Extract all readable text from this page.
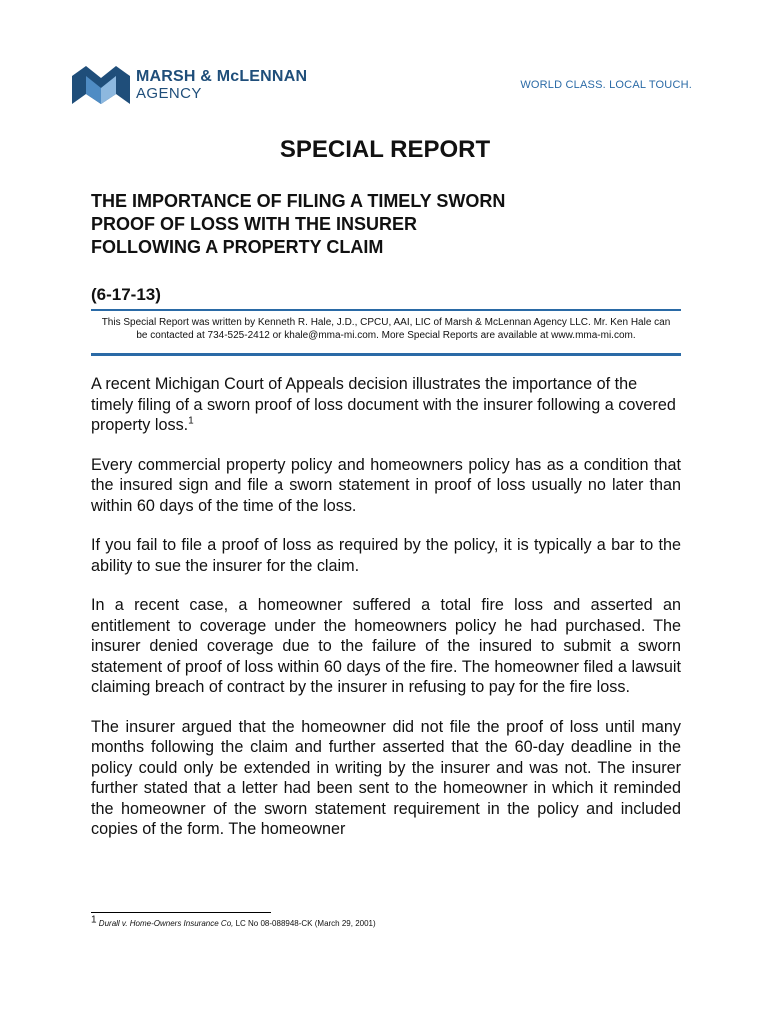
MARSH & McLENNAN
AGENCY	WORLD CLASS. LOCAL TOUCH.
SPECIAL REPORT
THE IMPORTANCE OF FILING A TIMELY SWORN
PROOF OF LOSS WITH THE INSURER
FOLLOWING A PROPERTY CLAIM
(6-17-13)
This Special Report was written by Kenneth R. Hale, J.D., CPCU, AAI, LIC of Marsh & McLennan Agency LLC. Mr. Ken Hale can
be contacted at 734-525-2412 or khale@mma-mi.com. More Special Reports are available at www.mma-mi.com.

A recent Michigan Court of Appeals decision illustrates the importance of the timely filing of a sworn proof of loss document with the insurer following a covered property loss.$^1$

Every commercial property policy and homeowners policy has as a condition that the insured sign and file a sworn statement in proof of loss usually no later than within 60 days of the time of the loss.

If you fail to file a proof of loss as required by the policy, it is typically a bar to the ability to sue the insurer for the claim.

In a recent case, a homeowner suffered a total fire loss and asserted an entitlement to coverage under the homeowners policy he had purchased. The insurer denied coverage due to the failure of the insured to submit a sworn statement of proof of loss within 60 days of the fire. The homeowner filed a lawsuit claiming breach of contract by the insurer in refusing to pay for the fire loss.

The insurer argued that the homeowner did not file the proof of loss until many months following the claim and further asserted that the 60-day deadline in the policy could only be extended in writing by the insurer and was not. The insurer further stated that a letter had been sent to the homeowner in which it reminded the homeowner of the sworn statement requirement in the policy and included copies of the form. The homeowner

1 Durall v. Home-Owners Insurance Co, LC No 08-088948-CK (March 29, 2001)
